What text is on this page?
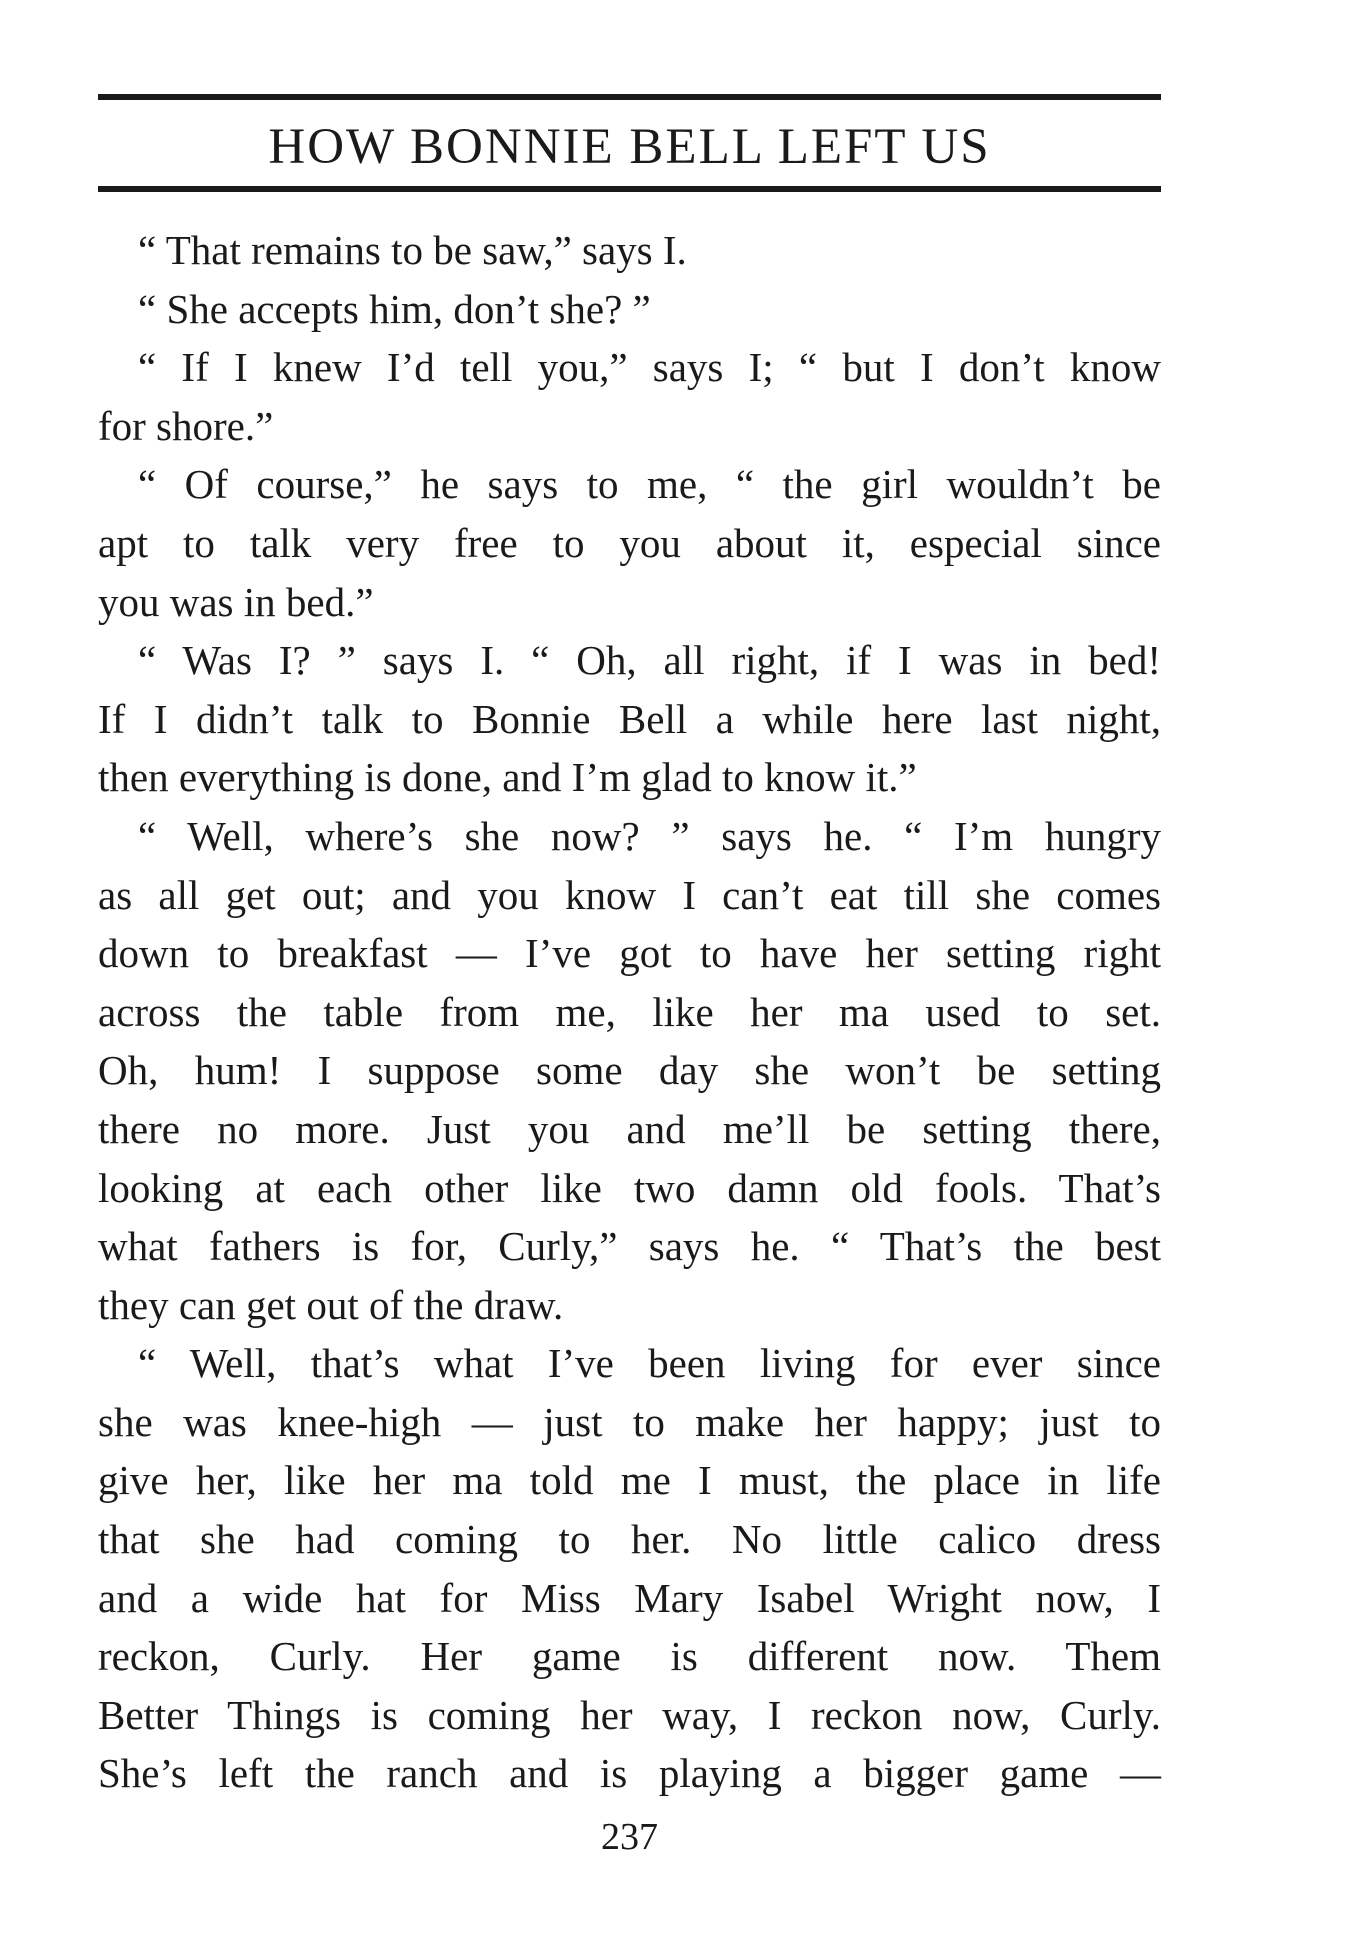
HOW BONNIE BELL LEFT US
“ That remains to be saw,” says I.
“ She accepts him, don’t she? ”
“ If I knew I’d tell you,” says I; “ but I don’t know
for shore.”
“ Of course,” he says to me, “ the girl wouldn’t be
apt to talk very free to you about it, especial since
you was in bed.”
“ Was I? ” says I. “ Oh, all right, if I was in bed!
If I didn’t talk to Bonnie Bell a while here last night,
then everything is done, and I’m glad to know it.”
“ Well, where’s she now? ” says he. “ I’m hungry
as all get out; and you know I can’t eat till she comes
down to breakfast — I’ve got to have her setting right
across the table from me, like her ma used to set.
Oh, hum! I suppose some day she won’t be setting
there no more. Just you and me’ll be setting there,
looking at each other like two damn old fools. That’s
what fathers is for, Curly,” says he. “ That’s the best
they can get out of the draw.
“ Well, that’s what I’ve been living for ever since
she was knee-high — just to make her happy; just to
give her, like her ma told me I must, the place in life
that she had coming to her. No little calico dress
and a wide hat for Miss Mary Isabel Wright now, I
reckon, Curly. Her game is different now. Them
Better Things is coming her way, I reckon now, Curly.
She’s left the ranch and is playing a bigger game —
237
